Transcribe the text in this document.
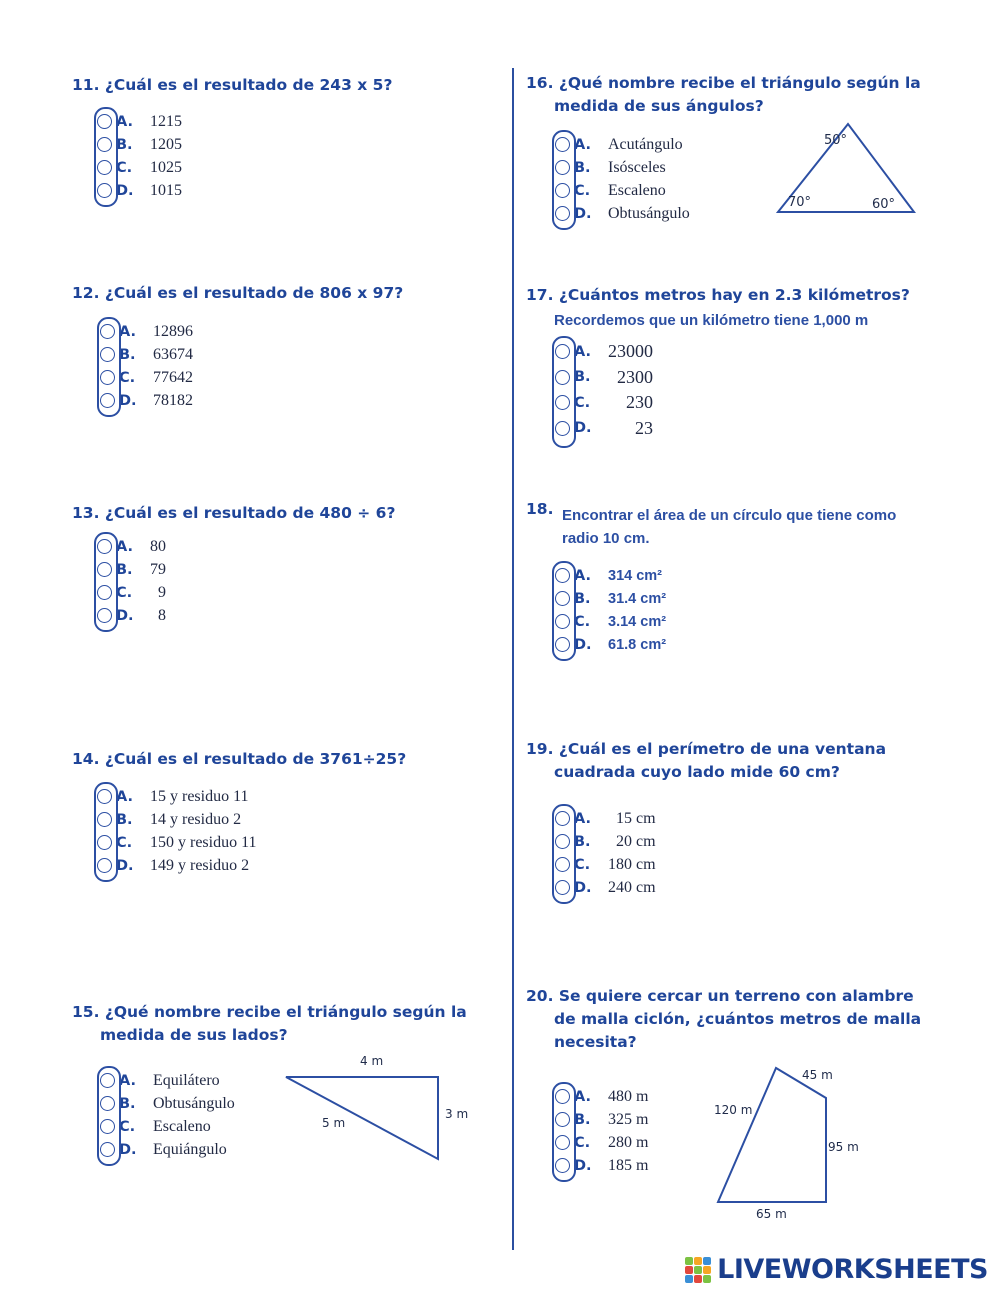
11. ¿Cuál es el resultado de 243 x 5?

A.	1215
B.	1205
C.	1025
D.	1015

12. ¿Cuál es el resultado de 806 x 97?

A.	12896
B.	63674
C.	77642
D.	78182

13. ¿Cuál es el resultado de 480 ÷ 6?

A.	80
B.	79
C.	9
D.	8

14. ¿Cuál es el resultado de 3761÷25?

A.	15 y residuo 11
B.	14 y residuo 2
C.	150 y residuo 11
D.	149 y residuo 2

15. ¿Qué nombre recibe el triángulo según la

medida de sus lados?

A.	Equilátero
B.	Obtusángulo
C.	Escaleno
D.	Equiángulo
4 m
3 m
5 m

16. ¿Qué nombre recibe el triángulo según la

medida de sus ángulos?

A.	Acutángulo
B.	Isósceles
C.	Escaleno
D.	Obtusángulo
50°
70°	60°

17. ¿Cuántos metros hay en 2.3 kilómetros?

Recordemos que un kilómetro tiene 1,000 m

A. 23000
B. 2300
C. 230
D. 23
18. Encontrar el área de un círculo que tiene como

radio 10 cm.

A.	314 cm²
B.	31.4 cm²
C.	3.14 cm²
D.	61.8 cm²

19. ¿Cuál es el perímetro de una ventana

cuadrada cuyo lado mide 60 cm?

A.	15 cm
B.	20 cm
C.	180 cm
D.	240 cm

20. Se quiere cercar un terreno con alambre

de malla ciclón, ¿cuántos metros de malla

necesita?

A.	480 m
B.	325 m
C.	280 m
D.	185 m
45 m
120 m
95 m
65 m
LIVEWORKSHEETS
